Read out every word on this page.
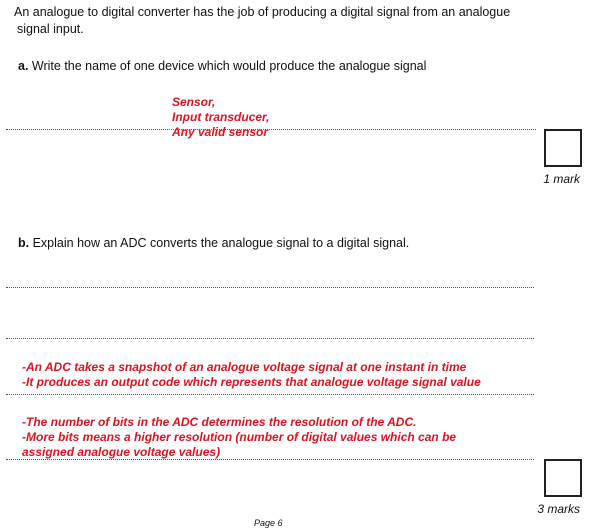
An analogue to digital converter has the job of producing a digital signal from an analogue
signal input.
a. Write the name of one device which would produce the analogue signal
Sensor,
Input transducer,
Any valid sensor
1 mark
b. Explain how an ADC converts the analogue signal to a digital signal.
-An ADC takes a snapshot of an analogue voltage signal at one instant in time
-It produces an output code which represents that analogue voltage signal value
-The number of bits in the ADC determines the resolution of the ADC.
-More bits means a higher resolution (number of digital values which can be
assigned analogue voltage values)
3 marks
Page 6
